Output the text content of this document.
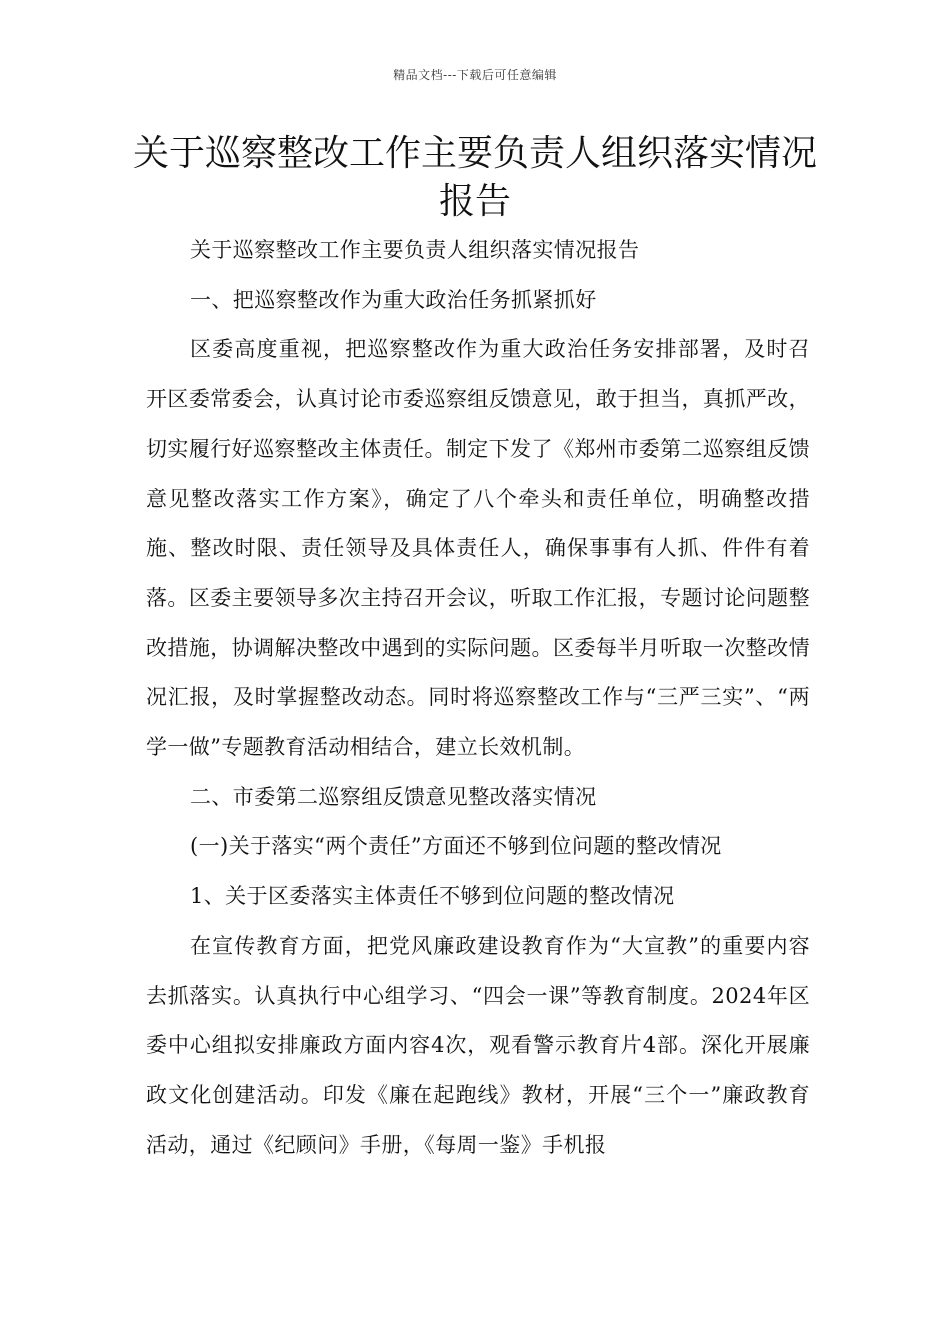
精品文档---下载后可任意编辑
关于巡察整改工作主要负责人组织落实情况报告

关于巡察整改工作主要负责人组织落实情况报告

一、把巡察整改作为重大政治任务抓紧抓好

区委高度重视，把巡察整改作为重大政治任务安排部署，及时召开区委常委会，认真讨论市委巡察组反馈意见，敢于担当，真抓严改，切实履行好巡察整改主体责任。制定下发了《郑州市委第二巡察组反馈意见整改落实工作方案》，确定了八个牵头和责任单位，明确整改措施、整改时限、责任领导及具体责任人，确保事事有人抓、件件有着落。区委主要领导多次主持召开会议，听取工作汇报，专题讨论问题整改措施，协调解决整改中遇到的实际问题。区委每半月听取一次整改情况汇报，及时掌握整改动态。同时将巡察整改工作与“三严三实”、“两学一做”专题教育活动相结合，建立长效机制。

二、市委第二巡察组反馈意见整改落实情况

(一)关于落实“两个责任”方面还不够到位问题的整改情况

1、关于区委落实主体责任不够到位问题的整改情况

在宣传教育方面，把党风廉政建设教育作为“大宣教”的重要内容去抓落实。认真执行中心组学习、“四会一课”等教育制度。2024年区委中心组拟安排廉政方面内容4次，观看警示教育片4部。深化开展廉政文化创建活动。印发《廉在起跑线》教材，开展“三个一”廉政教育活动，通过《纪顾问》手册，《每周一鉴》手机报
